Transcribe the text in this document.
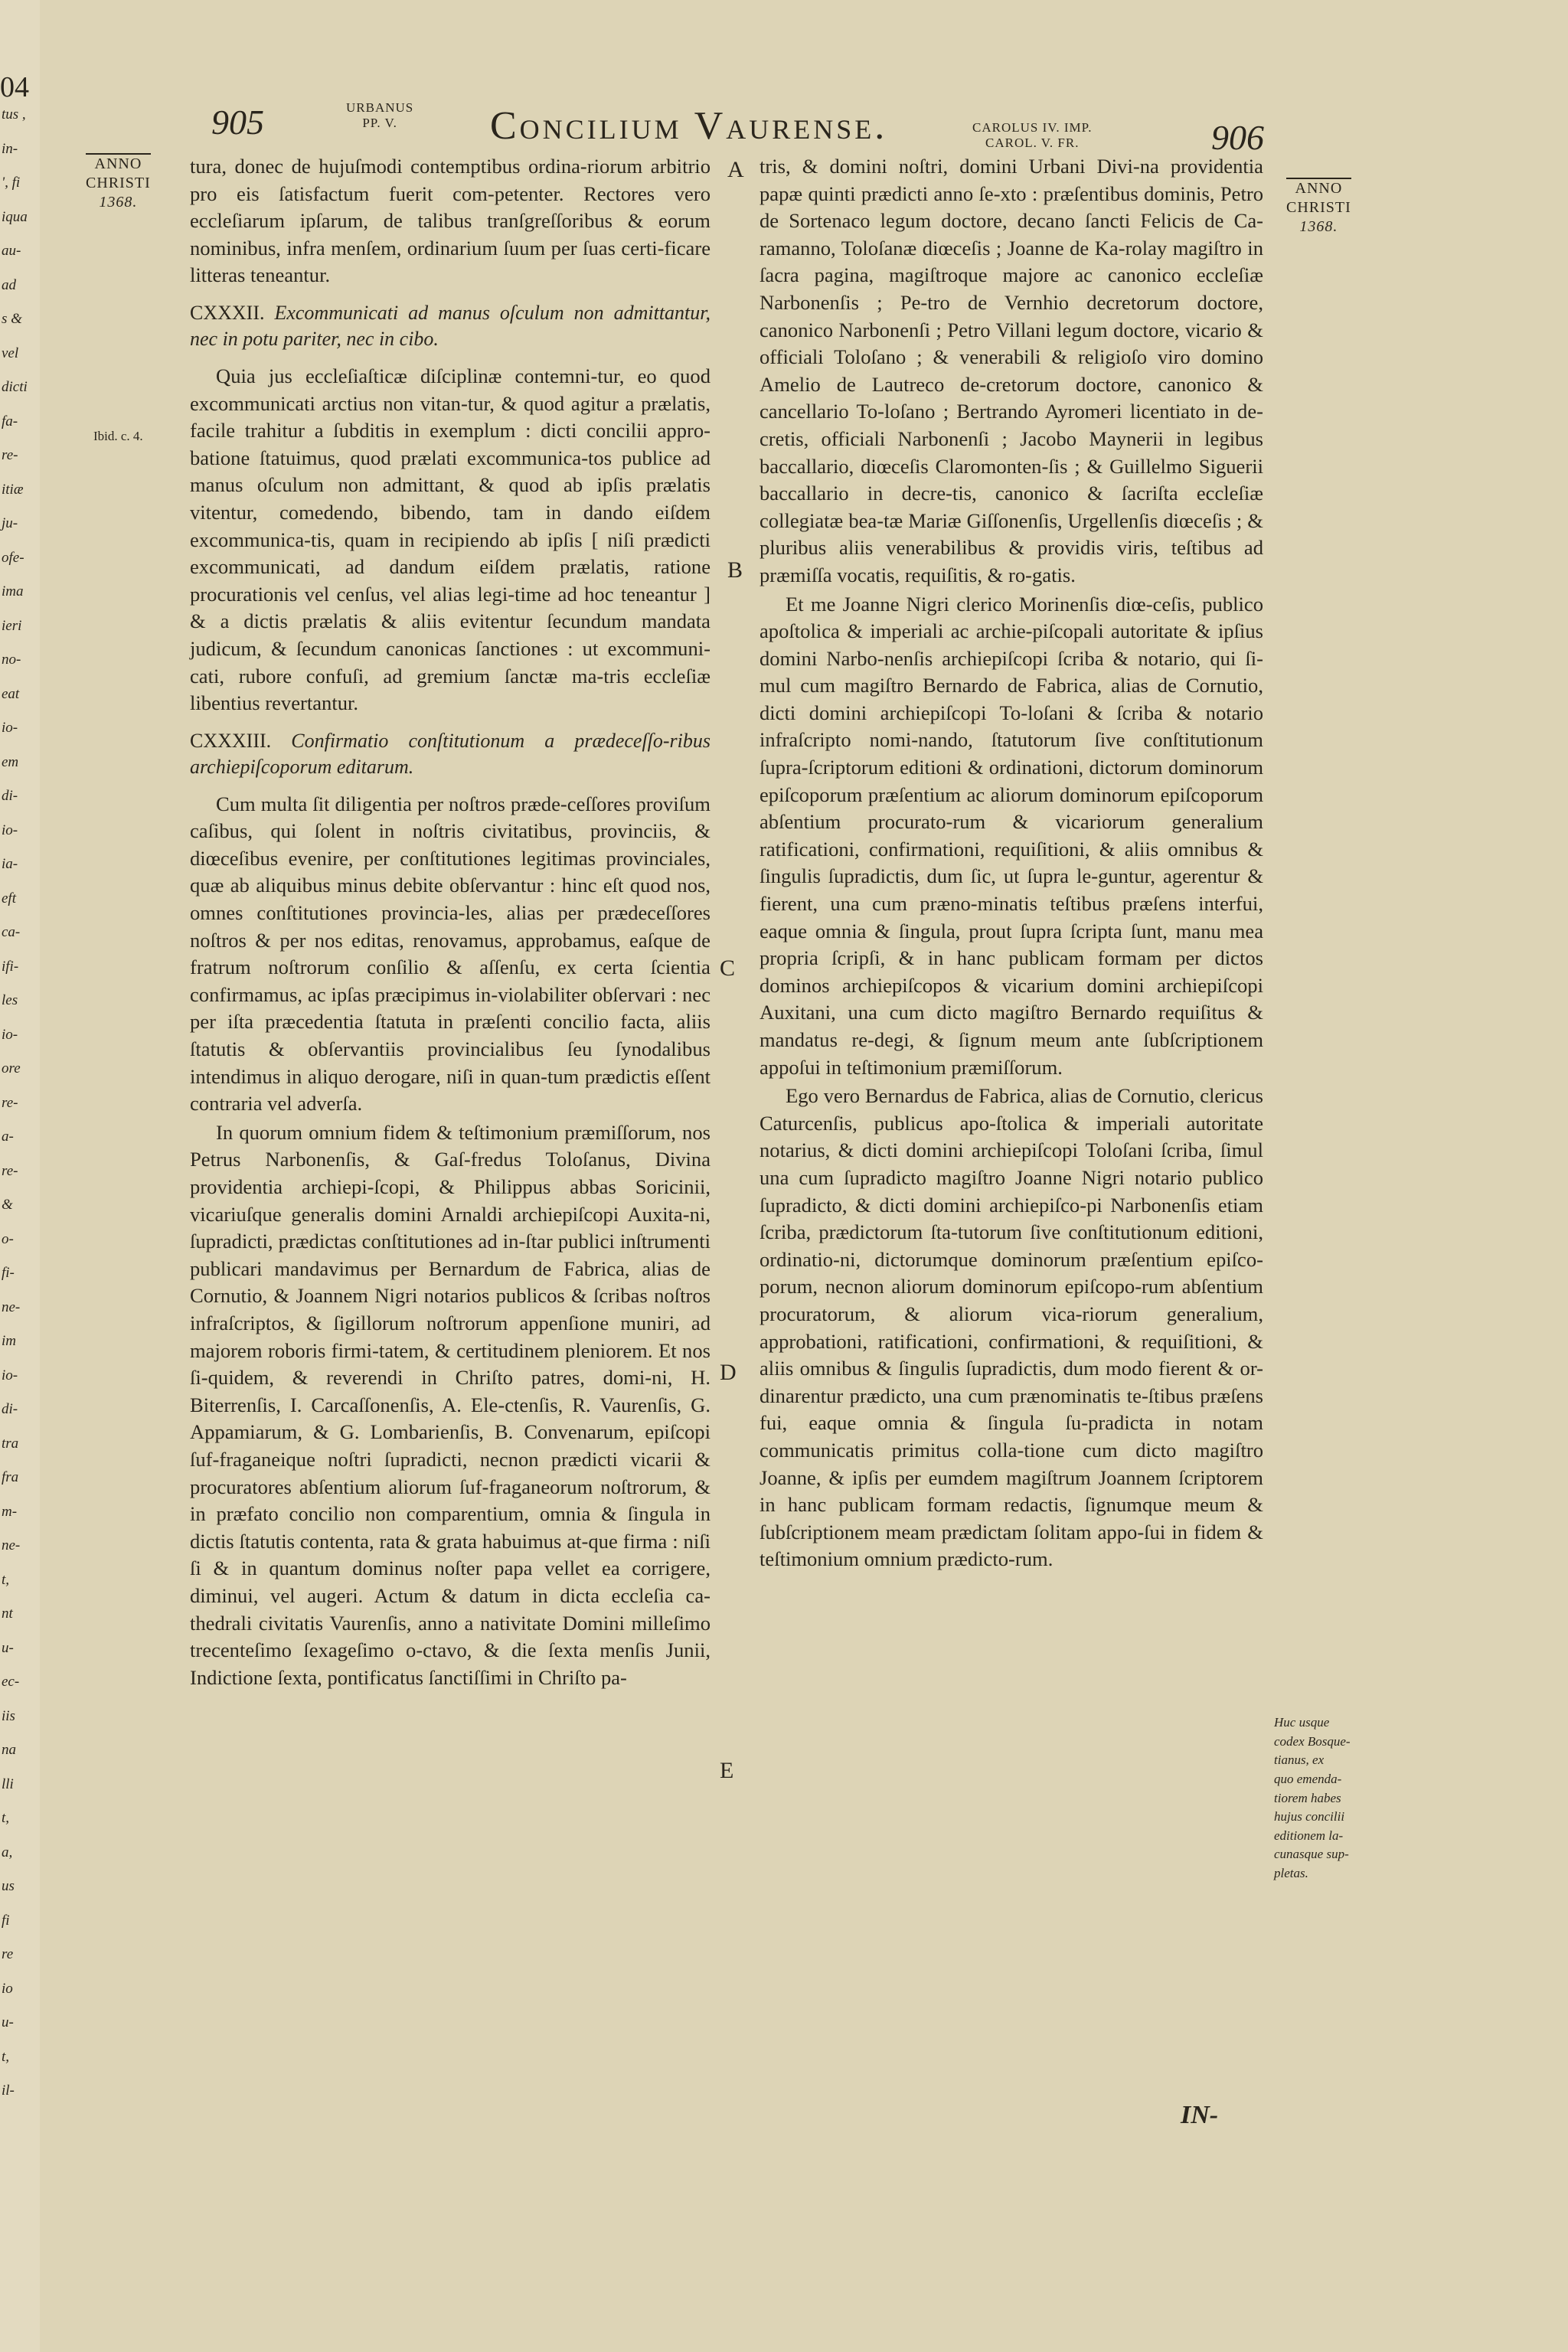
04
tus ,
in-
', fi
iqua
au-
ad
s &
vel
dicti
fa-
re-
itiæ
ju-
ofe-
ima
ieri
no-
eat
io-
em
di-
io-
ia-
eft
ca-
ifi-
les
io-
ore
re-
a-
re-
&
o-
fi-
ne-
im
io-
di-
tra
fra
m-
ne-
t,
nt
u-
ec-
iis
na
lli
t,
a,
us
fi
re
io
u-
t,
il-
905	URBANUS
PP. V.	Concilium Vaurense.	CAROLUS IV. IMP.
CAROL. V. FR.	906
ANNO
CHRISTI
1368.
ANNO
CHRISTI
1368.
Ibid. c. 4.
Huc usque
codex Bosque-
tianus, ex
quo emenda-
tiorem habes
hujus concilii
editionem la-
cunasque sup-
pletas.
A
B
C
D
E

tura, donec de hujuſmodi contemptibus ordina-riorum arbitrio pro eis ſatisfactum fuerit com-petenter. Rectores vero eccleſiarum ipſarum, de talibus tranſgreſſoribus & eorum nominibus, infra menſem, ordinarium ſuum per ſuas certi-ficare litteras teneantur.

CXXXII. Excommunicati ad manus oſculum non admittantur, nec in potu pariter, nec in cibo.

Quia jus eccleſiaſticæ diſciplinæ contemni-tur, eo quod excommunicati arctius non vitan-tur, & quod agitur a prælatis, facile trahitur a ſubditis in exemplum : dicti concilii appro-batione ſtatuimus, quod prælati excommunica-tos publice ad manus oſculum non admittant, & quod ab ipſis prælatis vitentur, comedendo, bibendo, tam in dando eiſdem excommunica-tis, quam in recipiendo ab ipſis [ niſi prædicti excommunicati, ad dandum eiſdem prælatis, ratione procurationis vel cenſus, vel alias legi-time ad hoc teneantur ] & a dictis prælatis & aliis evitentur ſecundum mandata judicum, & ſecundum canonicas ſanctiones : ut excommuni-cati, rubore confuſi, ad gremium ſanctæ ma-tris eccleſiæ libentius revertantur.

CXXXIII. Confirmatio conſtitutionum a prædeceſſo-ribus archiepiſcoporum editarum.

Cum multa ſit diligentia per noſtros præde-ceſſores proviſum caſibus, qui ſolent in noſtris civitatibus, provinciis, & diœceſibus evenire, per conſtitutiones legitimas provinciales, quæ ab aliquibus minus debite obſervantur : hinc eſt quod nos, omnes conſtitutiones provincia-les, alias per prædeceſſores noſtros & per nos editas, renovamus, approbamus, eaſque de fratrum noſtrorum conſilio & aſſenſu, ex certa ſcientia confirmamus, ac ipſas præcipimus in-violabiliter obſervari : nec per iſta præcedentia ſtatuta in præſenti concilio facta, aliis ſtatutis & obſervantiis provincialibus ſeu ſynodalibus intendimus in aliquo derogare, niſi in quan-tum prædictis eſſent contraria vel adverſa.

In quorum omnium fidem & teſtimonium præmiſſorum, nos Petrus Narbonenſis, & Gaſ-fredus Toloſanus, Divina providentia archiepi-ſcopi, & Philippus abbas Soricinii, vicariuſque generalis domini Arnaldi archiepiſcopi Auxita-ni, ſupradicti, prædictas conſtitutiones ad in-ſtar publici inſtrumenti publicari mandavimus per Bernardum de Fabrica, alias de Cornutio, & Joannem Nigri notarios publicos & ſcribas noſtros infraſcriptos, & ſigillorum noſtrorum appenſione muniri, ad majorem roboris firmi-tatem, & certitudinem pleniorem. Et nos ſi-quidem, & reverendi in Chriſto patres, domi-ni, H. Biterrenſis, I. Carcaſſonenſis, A. Ele-ctenſis, R. Vaurenſis, G. Appamiarum, & G. Lombarienſis, B. Convenarum, epiſcopi ſuf-fraganeique noſtri ſupradicti, necnon prædicti vicarii & procuratores abſentium aliorum ſuf-fraganeorum noſtrorum, & in præfato concilio non comparentium, omnia & ſingula in dictis ſtatutis contenta, rata & grata habuimus at-que firma : niſi ſi & in quantum dominus noſter papa vellet ea corrigere, diminui, vel augeri. Actum & datum in dicta eccleſia ca-thedrali civitatis Vaurenſis, anno a nativitate Domini milleſimo trecenteſimo ſexageſimo o-ctavo, & die ſexta menſis Junii, Indictione ſexta, pontificatus ſanctiſſimi in Chriſto pa-

tris, & domini noſtri, domini Urbani Divi-na providentia papæ quinti prædicti anno ſe-xto : præſentibus dominis, Petro de Sortenaco legum doctore, decano ſancti Felicis de Ca-ramanno, Toloſanæ diœceſis ; Joanne de Ka-rolay magiſtro in ſacra pagina, magiſtroque majore ac canonico eccleſiæ Narbonenſis ; Pe-tro de Vernhio decretorum doctore, canonico Narbonenſi ; Petro Villani legum doctore, vicario & officiali Toloſano ; & venerabili & religioſo viro domino Amelio de Lautreco de-cretorum doctore, canonico & cancellario To-loſano ; Bertrando Ayromeri licentiato in de-cretis, officiali Narbonenſi ; Jacobo Maynerii in legibus baccallario, diœceſis Claromonten-ſis ; & Guillelmo Siguerii baccallario in decre-tis, canonico & ſacriſta eccleſiæ collegiatæ bea-tæ Mariæ Giſſonenſis, Urgellenſis diœceſis ; & pluribus aliis venerabilibus & providis viris, teſtibus ad præmiſſa vocatis, requiſitis, & ro-gatis.

Et me Joanne Nigri clerico Morinenſis diœ-ceſis, publico apoſtolica & imperiali ac archie-piſcopali autoritate & ipſius domini Narbo-nenſis archiepiſcopi ſcriba & notario, qui ſi-mul cum magiſtro Bernardo de Fabrica, alias de Cornutio, dicti domini archiepiſcopi To-loſani & ſcriba & notario infraſcripto nomi-nando, ſtatutorum ſive conſtitutionum ſupra-ſcriptorum editioni & ordinationi, dictorum dominorum epiſcoporum præſentium ac aliorum dominorum epiſcoporum abſentium procurato-rum & vicariorum generalium ratificationi, confirmationi, requiſitioni, & aliis omnibus & ſingulis ſupradictis, dum ſic, ut ſupra le-guntur, agerentur & fierent, una cum præno-minatis teſtibus præſens interfui, eaque omnia & ſingula, prout ſupra ſcripta ſunt, manu mea propria ſcripſi, & in hanc publicam formam per dictos dominos archiepiſcopos & vicarium domini archiepiſcopi Auxitani, una cum dicto magiſtro Bernardo requiſitus & mandatus re-degi, & ſignum meum ante ſubſcriptionem appoſui in teſtimonium præmiſſorum.

Ego vero Bernardus de Fabrica, alias de Cornutio, clericus Caturcenſis, publicus apo-ſtolica & imperiali autoritate notarius, & dicti domini archiepiſcopi Toloſani ſcriba, ſimul una cum ſupradicto magiſtro Joanne Nigri notario publico ſupradicto, & dicti domini archiepiſco-pi Narbonenſis etiam ſcriba, prædictorum ſta-tutorum ſive conſtitutionum editioni, ordinatio-ni, dictorumque dominorum præſentium epiſco-porum, necnon aliorum dominorum epiſcopo-rum abſentium procuratorum, & aliorum vica-riorum generalium, approbationi, ratificationi, confirmationi, & requiſitioni, & aliis omnibus & ſingulis ſupradictis, dum modo fierent & or-dinarentur prædicto, una cum prænominatis te-ſtibus præſens fui, eaque omnia & ſingula ſu-pradicta in notam communicatis primitus colla-tione cum dicto magiſtro Joanne, & ipſis per eumdem magiſtrum Joannem ſcriptorem in hanc publicam formam redactis, ſignumque meum & ſubſcriptionem meam prædictam ſolitam appo-ſui in fidem & teſtimonium omnium prædicto-rum.

IN-
